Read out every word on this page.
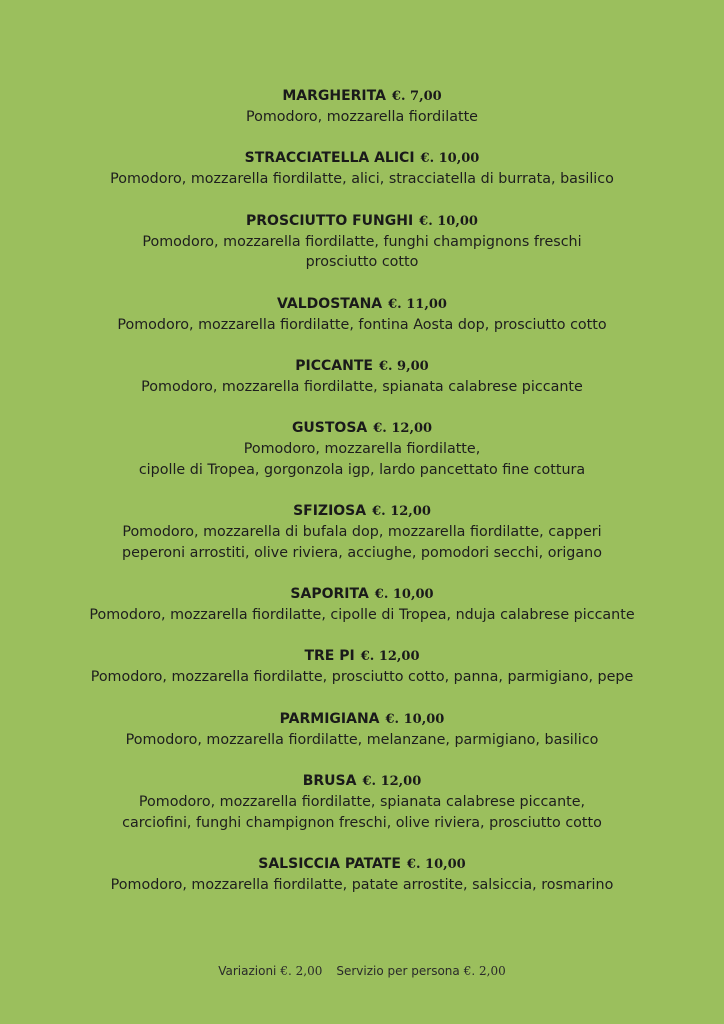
MARGHERITA €. 7,00
Pomodoro, mozzarella fiordilatte
STRACCIATELLA ALICI €. 10,00
Pomodoro, mozzarella fiordilatte, alici, stracciatella di burrata, basilico
PROSCIUTTO FUNGHI €. 10,00
Pomodoro, mozzarella fiordilatte, funghi champignons freschi
prosciutto cotto
VALDOSTANA €. 11,00
Pomodoro, mozzarella fiordilatte, fontina Aosta dop, prosciutto cotto
PICCANTE €. 9,00
Pomodoro, mozzarella fiordilatte, spianata calabrese piccante
GUSTOSA €. 12,00
Pomodoro, mozzarella fiordilatte,
cipolle di Tropea, gorgonzola igp, lardo pancettato fine cottura
SFIZIOSA €. 12,00
Pomodoro, mozzarella di bufala dop, mozzarella fiordilatte, capperi
peperoni arrostiti, olive riviera, acciughe, pomodori secchi, origano
SAPORITA €. 10,00
Pomodoro, mozzarella fiordilatte, cipolle di Tropea, nduja calabrese piccante
TRE PI €. 12,00
Pomodoro, mozzarella fiordilatte, prosciutto cotto, panna, parmigiano, pepe
PARMIGIANA €. 10,00
Pomodoro, mozzarella fiordilatte, melanzane, parmigiano, basilico
BRUSA €. 12,00
Pomodoro, mozzarella fiordilatte, spianata calabrese piccante,
carciofini, funghi champignon freschi, olive riviera, prosciutto cotto
SALSICCIA PATATE €. 10,00
Pomodoro, mozzarella fiordilatte, patate arrostite, salsiccia, rosmarino
Variazioni €. 2,00 Servizio per persona €. 2,00
